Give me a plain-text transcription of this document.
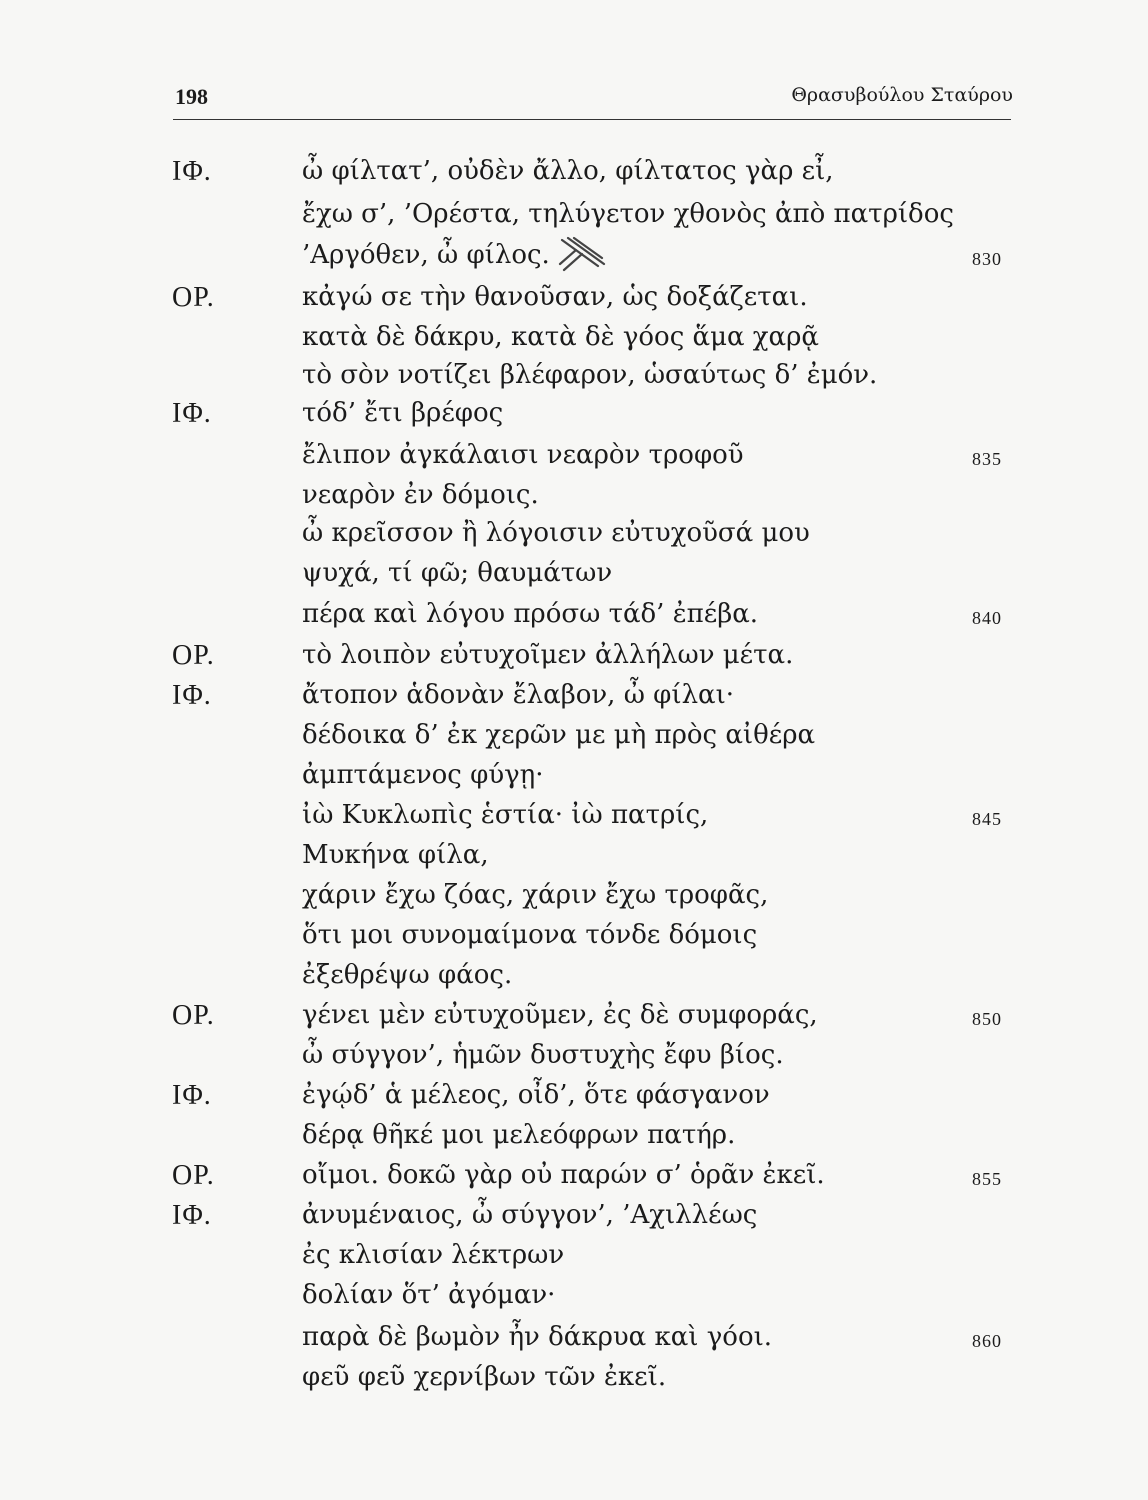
198	Θρασυβούλου Σταύρου
ΙΦ.	ὦ φίλτατ’, οὐδὲν ἄλλο, φίλτατος γὰρ εἶ,
ἔχω σ’, ’Ορέστα, τηλύγετον χθονὸς ἀπὸ πατρίδος
’Αργόθεν, ὦ φίλος.	830
ΟΡ.	κἀγώ σε τὴν θανοῦσαν, ὡς δοξάζεται.
κατὰ δὲ δάκρυ, κατὰ δὲ γόος ἅμα χαρᾷ
τὸ σὸν νοτίζει βλέφαρον, ὡσαύτως δ’ ἐμόν.
ΙΦ.	τόδ’ ἔτι βρέφος
ἔλιπον ἀγκάλαισι νεαρὸν τροφοῦ	835
νεαρὸν ἐν δόμοις.
ὦ κρεῖσσον ἢ λόγοισιν εὐτυχοῦσά μου
ψυχά, τί φῶ; θαυμάτων
πέρα καὶ λόγου πρόσω τάδ’ ἐπέβα.	840
ΟΡ.	τὸ λοιπὸν εὐτυχοῖμεν ἀλλήλων μέτα.
ΙΦ.	ἄτοπον ἁδονὰν ἔλαβον, ὦ φίλαι·
δέδοικα δ’ ἐκ χερῶν με μὴ πρὸς αἰθέρα
ἀμπτάμενος φύγῃ·
ἰὼ Κυκλωπὶς ἑστία· ἰὼ πατρίς,	845
Μυκήνα φίλα,
χάριν ἔχω ζόας, χάριν ἔχω τροφᾶς,
ὅτι μοι συνομαίμονα τόνδε δόμοις
ἐξεθρέψω φάος.
ΟΡ.	γένει μὲν εὐτυχοῦμεν, ἐς δὲ συμφοράς,	850
ὦ σύγγον’, ἡμῶν δυστυχὴς ἔφυ βίος.
ΙΦ.	ἐγῴδ’ ἁ μέλεος, οἶδ’, ὅτε φάσγανον
δέρᾳ θῆκέ μοι μελεόφρων πατήρ.
ΟΡ.	οἴμοι. δοκῶ γὰρ οὐ παρών σ’ ὁρᾶν ἐκεῖ.	855
ΙΦ.	ἀνυμέναιος, ὦ σύγγον’, ’Αχιλλέως
ἐς κλισίαν λέκτρων
δολίαν ὅτ’ ἀγόμαν·
παρὰ δὲ βωμὸν ἦν δάκρυα καὶ γόοι.	860
φεῦ φεῦ χερνίβων τῶν ἐκεῖ.
